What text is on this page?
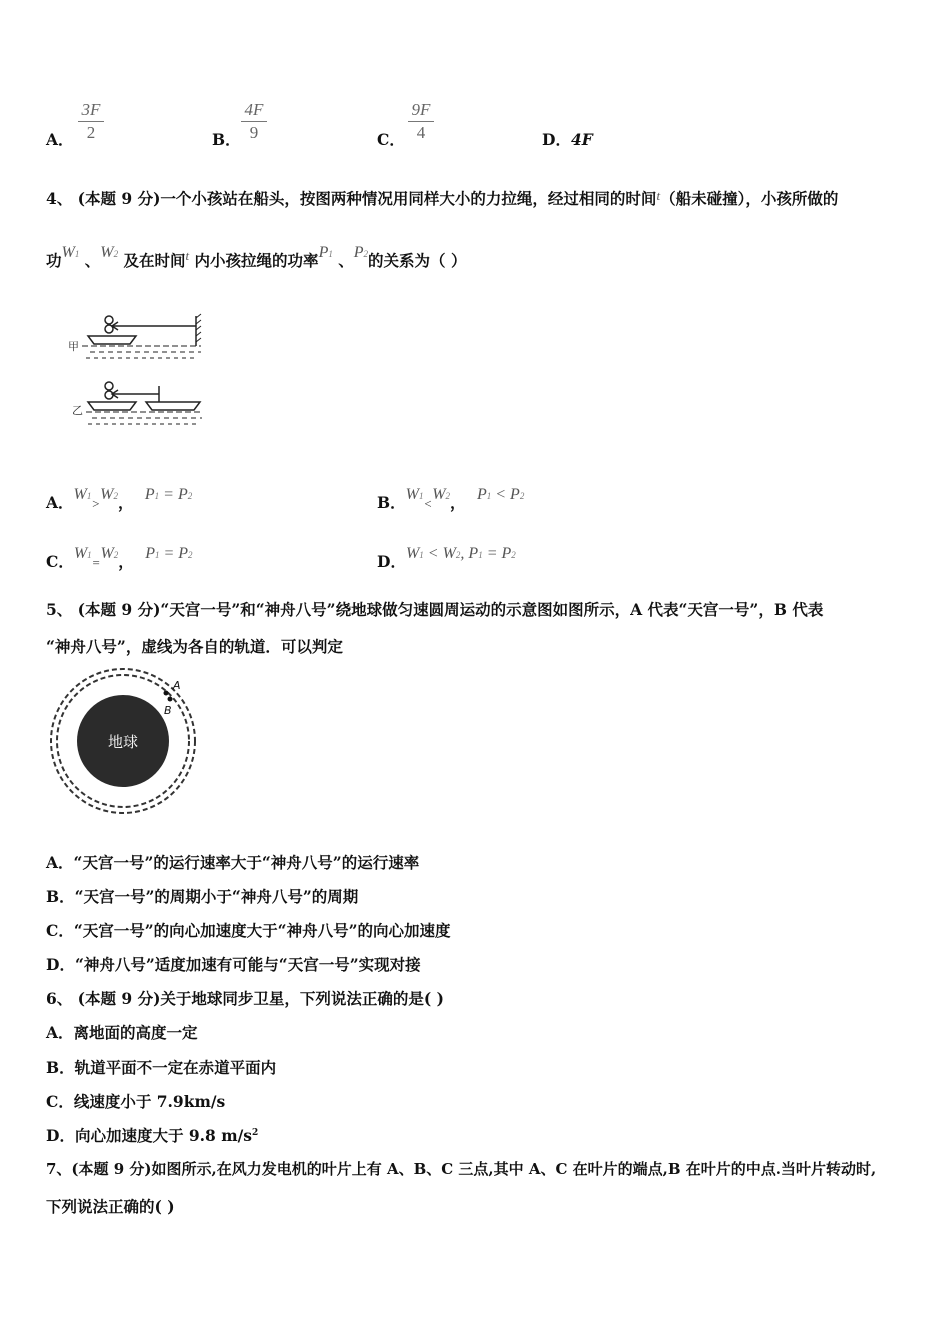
A．
3F
2	B．
4F
9	C．
9F
4	D．4F
4、 (本题 9 分)一个小孩站在船头，按图两种情况用同样大小的力拉绳，经过相同的时间$^t$（船未碰撞），小孩所做的
功W1 、W2 及在时间$^t$ 内小孩拉绳的功率P1 、P2的关系为（ ）
甲
乙
A．W1>W2， P1 = P2	B．W1<W2， P1 < P2
C．W1=W2， P1 = P2	D．W1 < W2, P1 = P2
5、 (本题 9 分)“天宫一号”和“神舟八号”绕地球做匀速圆周运动的示意图如图所示，A 代表“天宫一号”，B 代表
“神舟八号”，虚线为各自的轨道．可以判定
地球
A
B
A．“天宫一号”的运行速率大于“神舟八号”的运行速率
B．“天宫一号”的周期小于“神舟八号”的周期
C．“天宫一号”的向心加速度大于“神舟八号”的向心加速度
D．“神舟八号”适度加速有可能与“天宫一号”实现对接
6、 (本题 9 分)关于地球同步卫星，下列说法正确的是( )
A．离地面的高度一定
B．轨道平面不一定在赤道平面内
C．线速度小于 7.9km/s
D．向心加速度大于 9.8 $m/s^2$
7、(本题 9 分)如图所示,在风力发电机的叶片上有 A、B、C 三点,其中 A、C 在叶片的端点,B 在叶片的中点.当叶片转动时,
下列说法正确的( )
